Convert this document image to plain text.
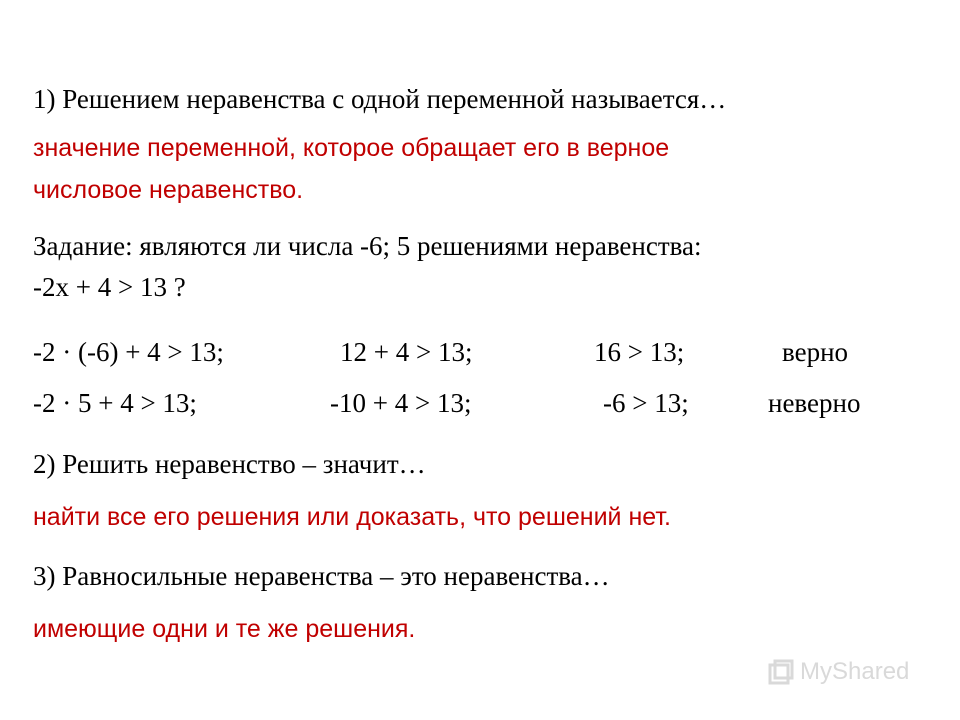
1) Решением неравенства с одной переменной называется…
значение переменной, которое обращает его в верное
числовое неравенство.
Задание: являются ли числа -6; 5 решениями неравенства:
-2x + 4 > 13 ?
-2 · (-6) + 4 > 13;	12 + 4 > 13;	16 > 13;	верно
-2 · 5 + 4 > 13;	-10 + 4 > 13;	-6 > 13;	неверно
2) Решить неравенство – значит…
найти все его решения или доказать, что решений нет.
3) Равносильные неравенства – это неравенства…
имеющие одни и те же решения.
MyShared
